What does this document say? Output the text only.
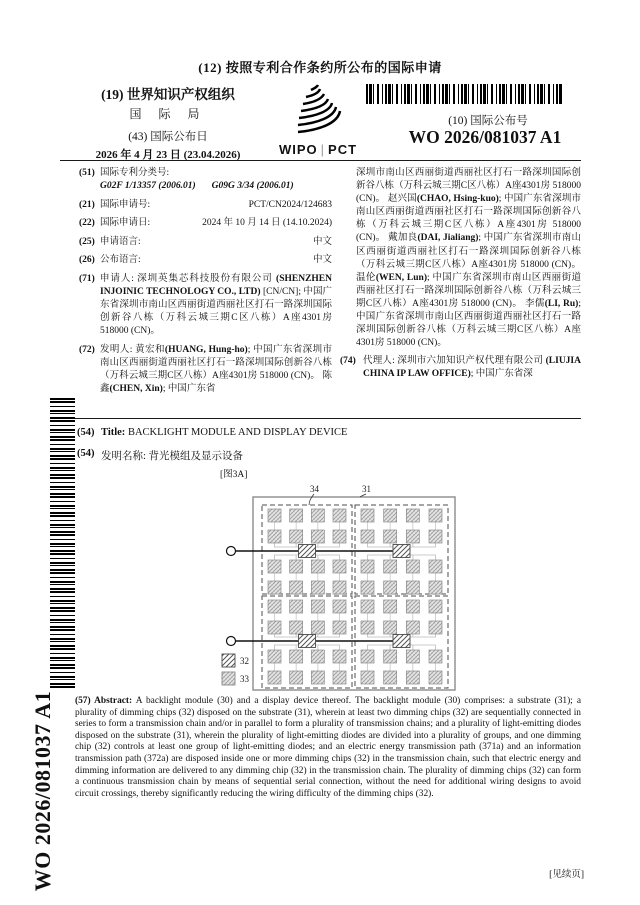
(12) 按照专利合作条约所公布的国际申请
(19) 世界知识产权组织
国 际 局
(43) 国际公布日
2026 年 4 月 23 日 (23.04.2026)	WIPO | PCT
(10) 国际公布号
WO 2026/081037 A1
(51) 国际专利分类号:
G02F 1/13357 (2006.01) G09G 3/34 (2006.01)
(21) 国际申请号:	PCT/CN2024/124683
(22) 国际申请日:	2024 年 10 月 14 日 (14.10.2024)
(25) 申请语言:	中文
(26) 公布语言:	中文
(71) 申请人: 深圳英集芯科技股份有限公司 (SHENZHEN INJOINIC TECHNOLOGY CO., LTD) [CN/CN]; 中国广东省深圳市南山区西丽街道西丽社区打石一路深圳国际创新谷八栋（万科云城三期C区八栋）A座4301房 518000 (CN)。
(72) 发明人: 黄宏和(HUANG, Hung-ho); 中国广东省深圳市南山区西丽街道西丽社区打石一路深圳国际创新谷八栋（万科云城三期C区八栋）A座4301房 518000 (CN)。 陈鑫(CHEN, Xin); 中国广东省
深圳市南山区西丽街道西丽社区打石一路深圳国际创新谷八栋（万科云城三期C区八栋）A座4301房 518000 (CN)。 赵兴国(CHAO, Hsing-kuo); 中国广东省深圳市南山区西丽街道西丽社区打石一路深圳国际创新谷八栋（万科云城三期C区八栋）A座4301房 518000 (CN)。 戴加良(DAI, Jialiang); 中国广东省深圳市南山区西丽街道西丽社区打石一路深圳国际创新谷八栋（万科云城三期C区八栋）A座4301房 518000 (CN)。 温伦(WEN, Lun); 中国广东省深圳市南山区西丽街道西丽社区打石一路深圳国际创新谷八栋（万科云城三期C区八栋）A座4301房 518000 (CN)。 李儒(LI, Ru); 中国广东省深圳市南山区西丽街道西丽社区打石一路深圳国际创新谷八栋（万科云城三期C区八栋）A座4301房 518000 (CN)。
(74) 代理人: 深圳市六加知识产权代理有限公司 (LIUJIA CHINA IP LAW OFFICE); 中国广东省深
(54) Title: BACKLIGHT MODULE AND DISPLAY DEVICE
(54) 发明名称: 背光模组及显示设备
[图3A]
32
33
34	31
(57) Abstract: A backlight module (30) and a display device thereof. The backlight module (30) comprises: a substrate (31); a plurality of dimming chips (32) disposed on the substrate (31), wherein at least two dimming chips (32) are sequentially connected in series to form a transmission chain and/or in parallel to form a plurality of transmission chains; and a plurality of light-emitting diodes disposed on the substrate (31), wherein the plurality of light-emitting diodes are divided into a plurality of groups, and one dimming chip (32) controls at least one group of light-emitting diodes; and an electric energy transmission path (371a) and an information transmission path (372a) are disposed inside one or more dimming chips (32) in the transmission chain, such that electric energy and dimming information are delivered to any dimming chip (32) in the transmission chain. The plurality of dimming chips (32) can form a continuous transmission chain by means of sequential serial connection, without the need for additional wiring designs to avoid circuit crossings, thereby significantly reducing the wiring difficulty of the dimming chips (32).
[见续页]
WO 2026/081037 A1
